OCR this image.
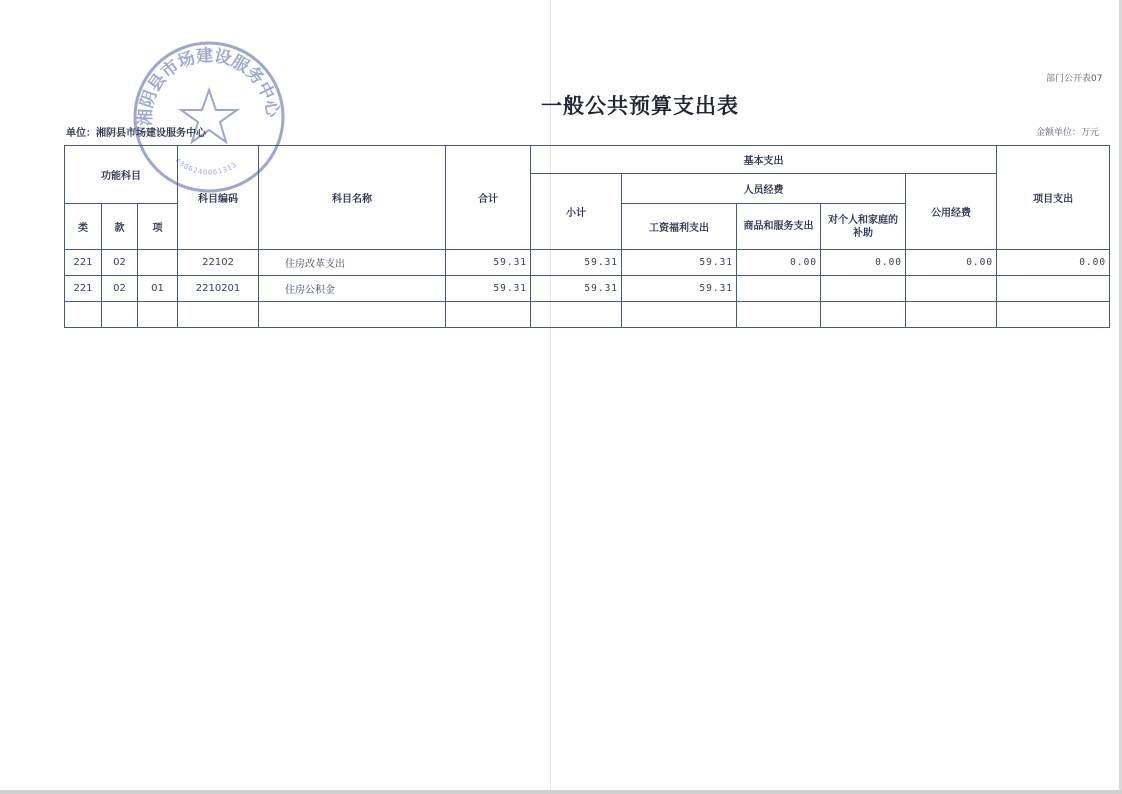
湘阴县市场建设服务中心
4306240001313
部门公开表07
一般公共预算支出表
单位：湘阴县市场建设服务中心	金额单位：万元
功能科目			科目编码	科目名称	合计	基本支出					项目支出
						小计	人员经费			公用经费	
类	款	项					工资福利支出	商品和服务支出	对个人和家庭的补助		
221	02		22102	住房改革支出	59.31	59.31	59.31	0.00	0.00	0.00	0.00
221	02	01	2210201	住房公积金	59.31	59.31	59.31				
